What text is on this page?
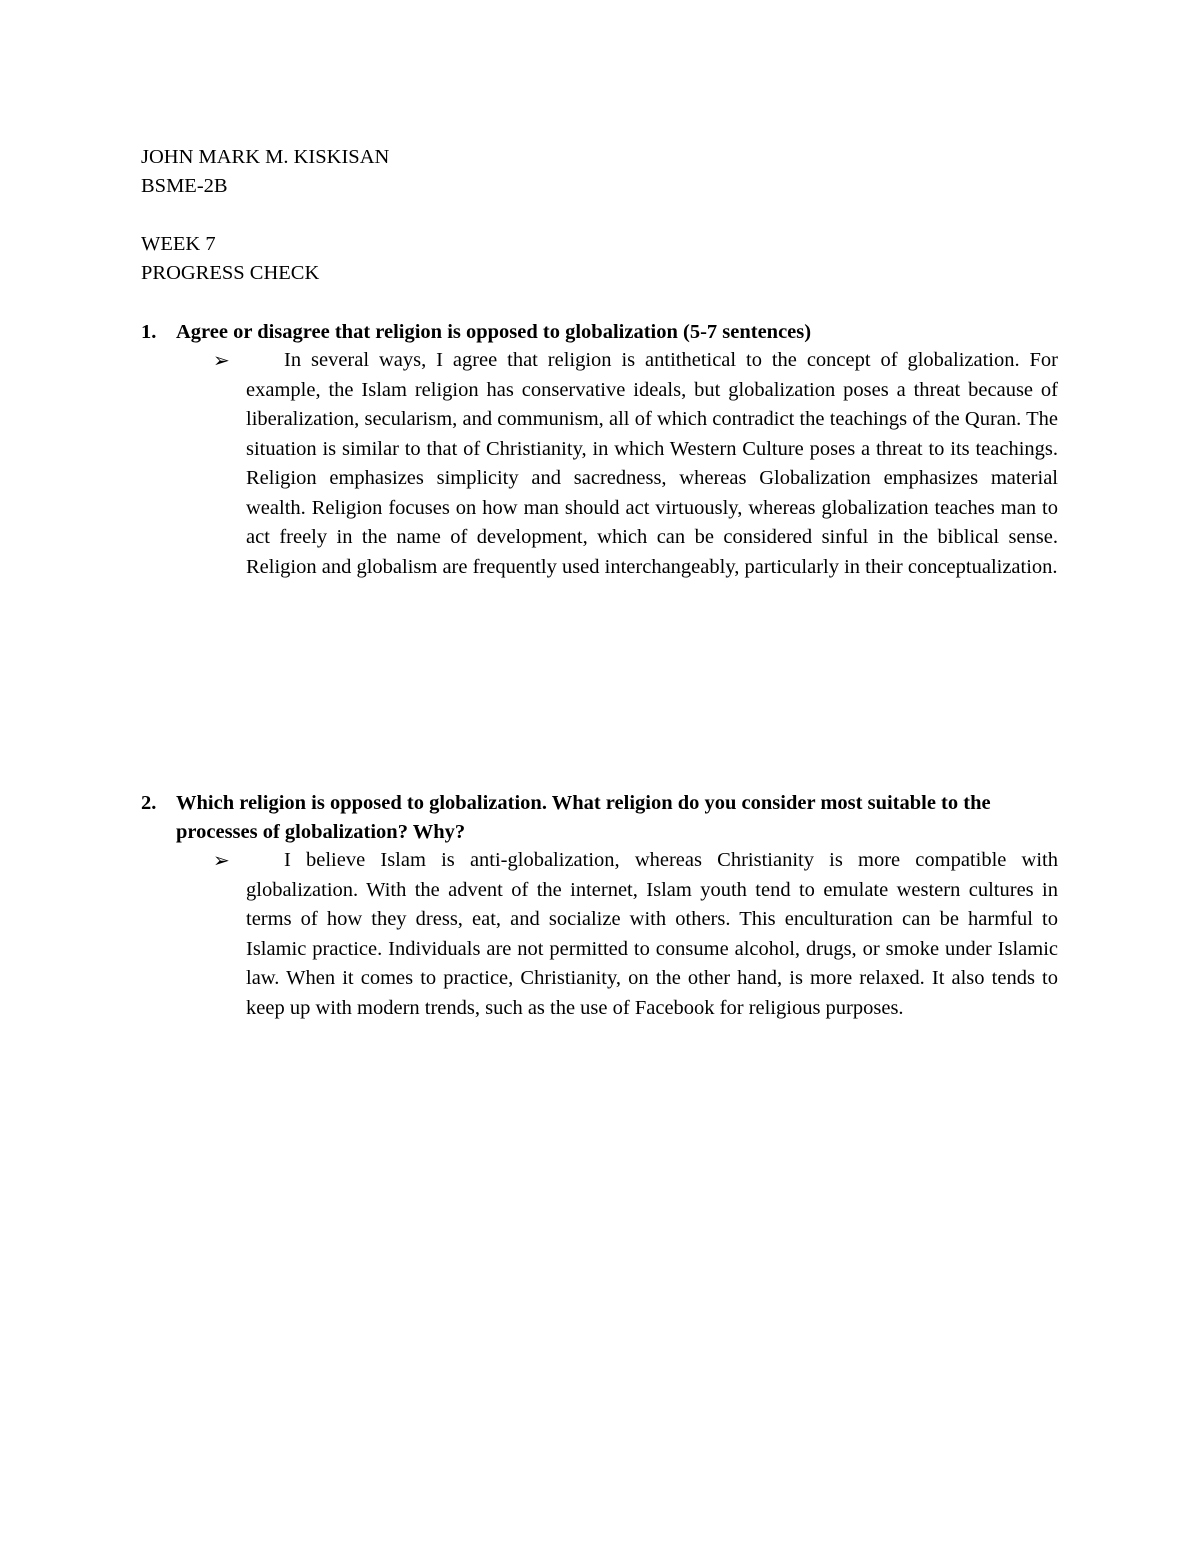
JOHN MARK M. KISKISAN
BSME-2B
WEEK 7
PROGRESS CHECK
1. Agree or disagree that religion is opposed to globalization (5-7 sentences)
➢	In several ways, I agree that religion is antithetical to the concept of globalization. For example, the Islam religion has conservative ideals, but globalization poses a threat because of liberalization, secularism, and communism, all of which contradict the teachings of the Quran. The situation is similar to that of Christianity, in which Western Culture poses a threat to its teachings. Religion emphasizes simplicity and sacredness, whereas Globalization emphasizes material wealth. Religion focuses on how man should act virtuously, whereas globalization teaches man to act freely in the name of development, which can be considered sinful in the biblical sense. Religion and globalism are frequently used interchangeably, particularly in their conceptualization.
2. Which religion is opposed to globalization. What religion do you consider most suitable to the processes of globalization? Why?
➢	I believe Islam is anti-globalization, whereas Christianity is more compatible with globalization. With the advent of the internet, Islam youth tend to emulate western cultures in terms of how they dress, eat, and socialize with others. This enculturation can be harmful to Islamic practice. Individuals are not permitted to consume alcohol, drugs, or smoke under Islamic law. When it comes to practice, Christianity, on the other hand, is more relaxed. It also tends to keep up with modern trends, such as the use of Facebook for religious purposes.
